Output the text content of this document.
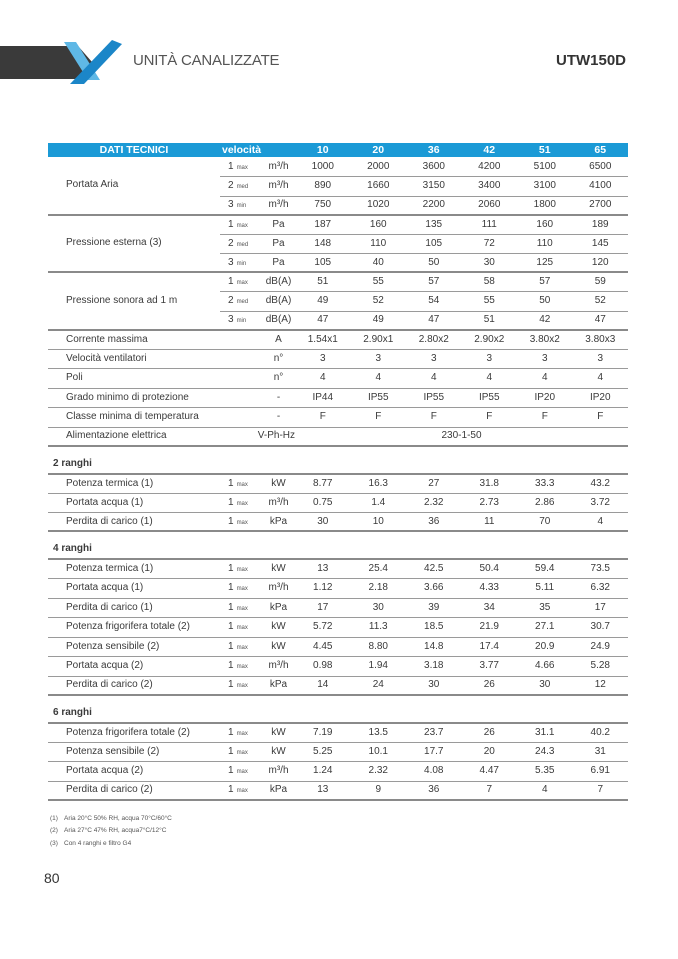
UNITÀ CANALIZZATE	UTW150D
DATI TECNICI	velocità		10	20	36	42	51	65
Portata Aria	1 max	m³/h	1000	2000	3600	4200	5100	6500
	2 med	m³/h	890	1660	3150	3400	3100	4100
	3 min	m³/h	750	1020	2200	2060	1800	2700
Pressione esterna (3)	1 max	Pa	187	160	135	111	160	189
	2 med	Pa	148	110	105	72	110	145
	3 min	Pa	105	40	50	30	125	120
Pressione sonora ad 1 m	1 max	dB(A)	51	55	57	58	57	59
	2 med	dB(A)	49	52	54	55	50	52
	3 min	dB(A)	47	49	47	51	42	47
Corrente massima		A	1.54x1	2.90x1	2.80x2	2.90x2	3.80x2	3.80x3
Velocità ventilatori		n°	3	3	3	3	3	3
Poli		n°	4	4	4	4	4	4
Grado minimo di protezione		-	IP44	IP55	IP55	IP55	IP20	IP20
Classe minima di temperatura		-	F	F	F	F	F	F
Alimentazione elettrica	V-Ph-Hz		230-1-50					
2 ranghi								
Potenza termica (1)	1 max	kW	8.77	16.3	27	31.8	33.3	43.2
Portata acqua (1)	1 max	m³/h	0.75	1.4	2.32	2.73	2.86	3.72
Perdita di carico (1)	1 max	kPa	30	10	36	11	70	4
4 ranghi								
Potenza termica (1)	1 max	kW	13	25.4	42.5	50.4	59.4	73.5
Portata acqua (1)	1 max	m³/h	1.12	2.18	3.66	4.33	5.11	6.32
Perdita di carico (1)	1 max	kPa	17	30	39	34	35	17
Potenza frigorifera totale (2)	1 max	kW	5.72	11.3	18.5	21.9	27.1	30.7
Potenza sensibile (2)	1 max	kW	4.45	8.80	14.8	17.4	20.9	24.9
Portata acqua (2)	1 max	m³/h	0.98	1.94	3.18	3.77	4.66	5.28
Perdita di carico (2)	1 max	kPa	14	24	30	26	30	12
6 ranghi								
Potenza frigorifera totale (2)	1 max	kW	7.19	13.5	23.7	26	31.1	40.2
Potenza sensibile (2)	1 max	kW	5.25	10.1	17.7	20	24.3	31
Portata acqua (2)	1 max	m³/h	1.24	2.32	4.08	4.47	5.35	6.91
Perdita di carico (2)	1 max	kPa	13	9	36	7	4	7
(1) Aria 20°C 50% RH, acqua 70°C/60°C
(2) Aria 27°C 47% RH, acqua7°C/12°C
(3) Con 4 ranghi e filtro G4
80
